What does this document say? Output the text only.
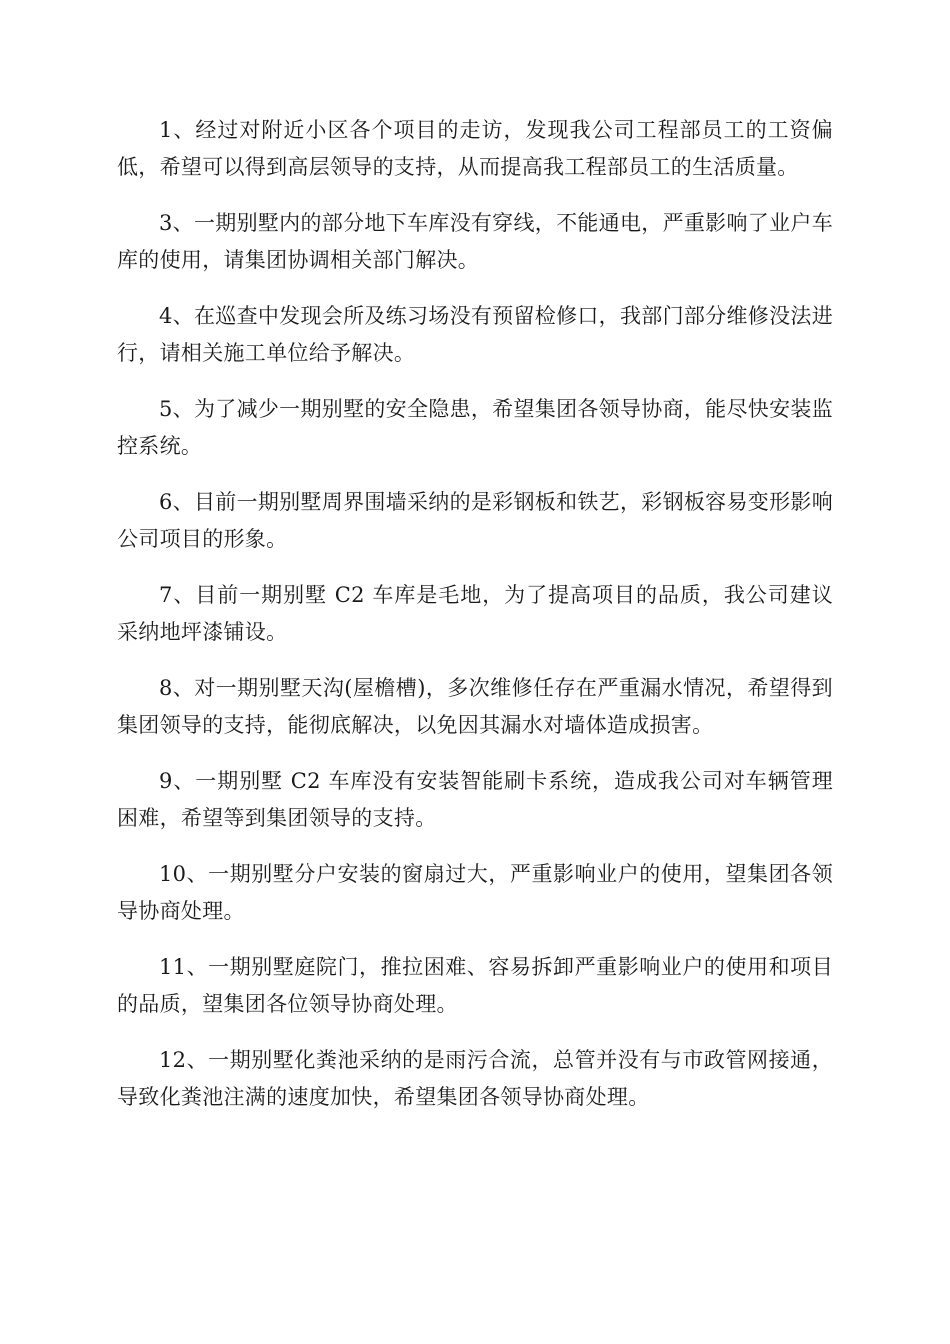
1、经过对附近小区各个项目的走访，发现我公司工程部员工的工资偏低，希望可以得到高层领导的支持，从而提高我工程部员工的生活质量。

3、一期别墅内的部分地下车库没有穿线，不能通电，严重影响了业户车库的使用，请集团协调相关部门解决。

4、在巡查中发现会所及练习场没有预留检修口，我部门部分维修没法进行，请相关施工单位给予解决。

5、为了减少一期别墅的安全隐患，希望集团各领导协商，能尽快安装监控系统。

6、目前一期别墅周界围墙采纳的是彩钢板和铁艺，彩钢板容易变形影响公司项目的形象。

7、目前一期别墅 C2 车库是毛地，为了提高项目的品质，我公司建议采纳地坪漆铺设。

8、对一期别墅天沟(屋檐槽)，多次维修任存在严重漏水情况，希望得到集团领导的支持，能彻底解决，以免因其漏水对墙体造成损害。

9、一期别墅 C2 车库没有安装智能刷卡系统，造成我公司对车辆管理困难，希望等到集团领导的支持。

10、一期别墅分户安装的窗扇过大，严重影响业户的使用，望集团各领导协商处理。

11、一期别墅庭院门，推拉困难、容易拆卸严重影响业户的使用和项目的品质，望集团各位领导协商处理。

12、一期别墅化粪池采纳的是雨污合流，总管并没有与市政管网接通，导致化粪池注满的速度加快，希望集团各领导协商处理。
